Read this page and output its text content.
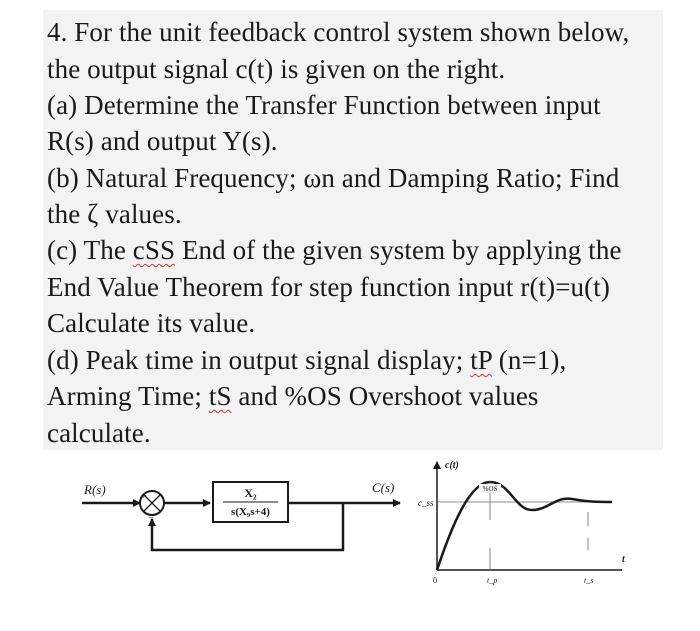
4. For the unit feedback control system shown below,
the output signal c(t) is given on the right.
(a) Determine the Transfer Function between input
R(s) and output Y(s).
(b) Natural Frequency; ωn and Damping Ratio; Find
the ζ values.
(c) The cSS End of the given system by applying the
End Value Theorem for step function input r(t)=u(t)
Calculate its value.
(d) Peak time in output signal display; tP (n=1),
Arming Time; tS and %OS Overshoot values
calculate.
R(s)	+
−
X₂
s(X₉s+4)
C(s)
c(t)
t
c_ss
0
%OS
t_p	t_s
